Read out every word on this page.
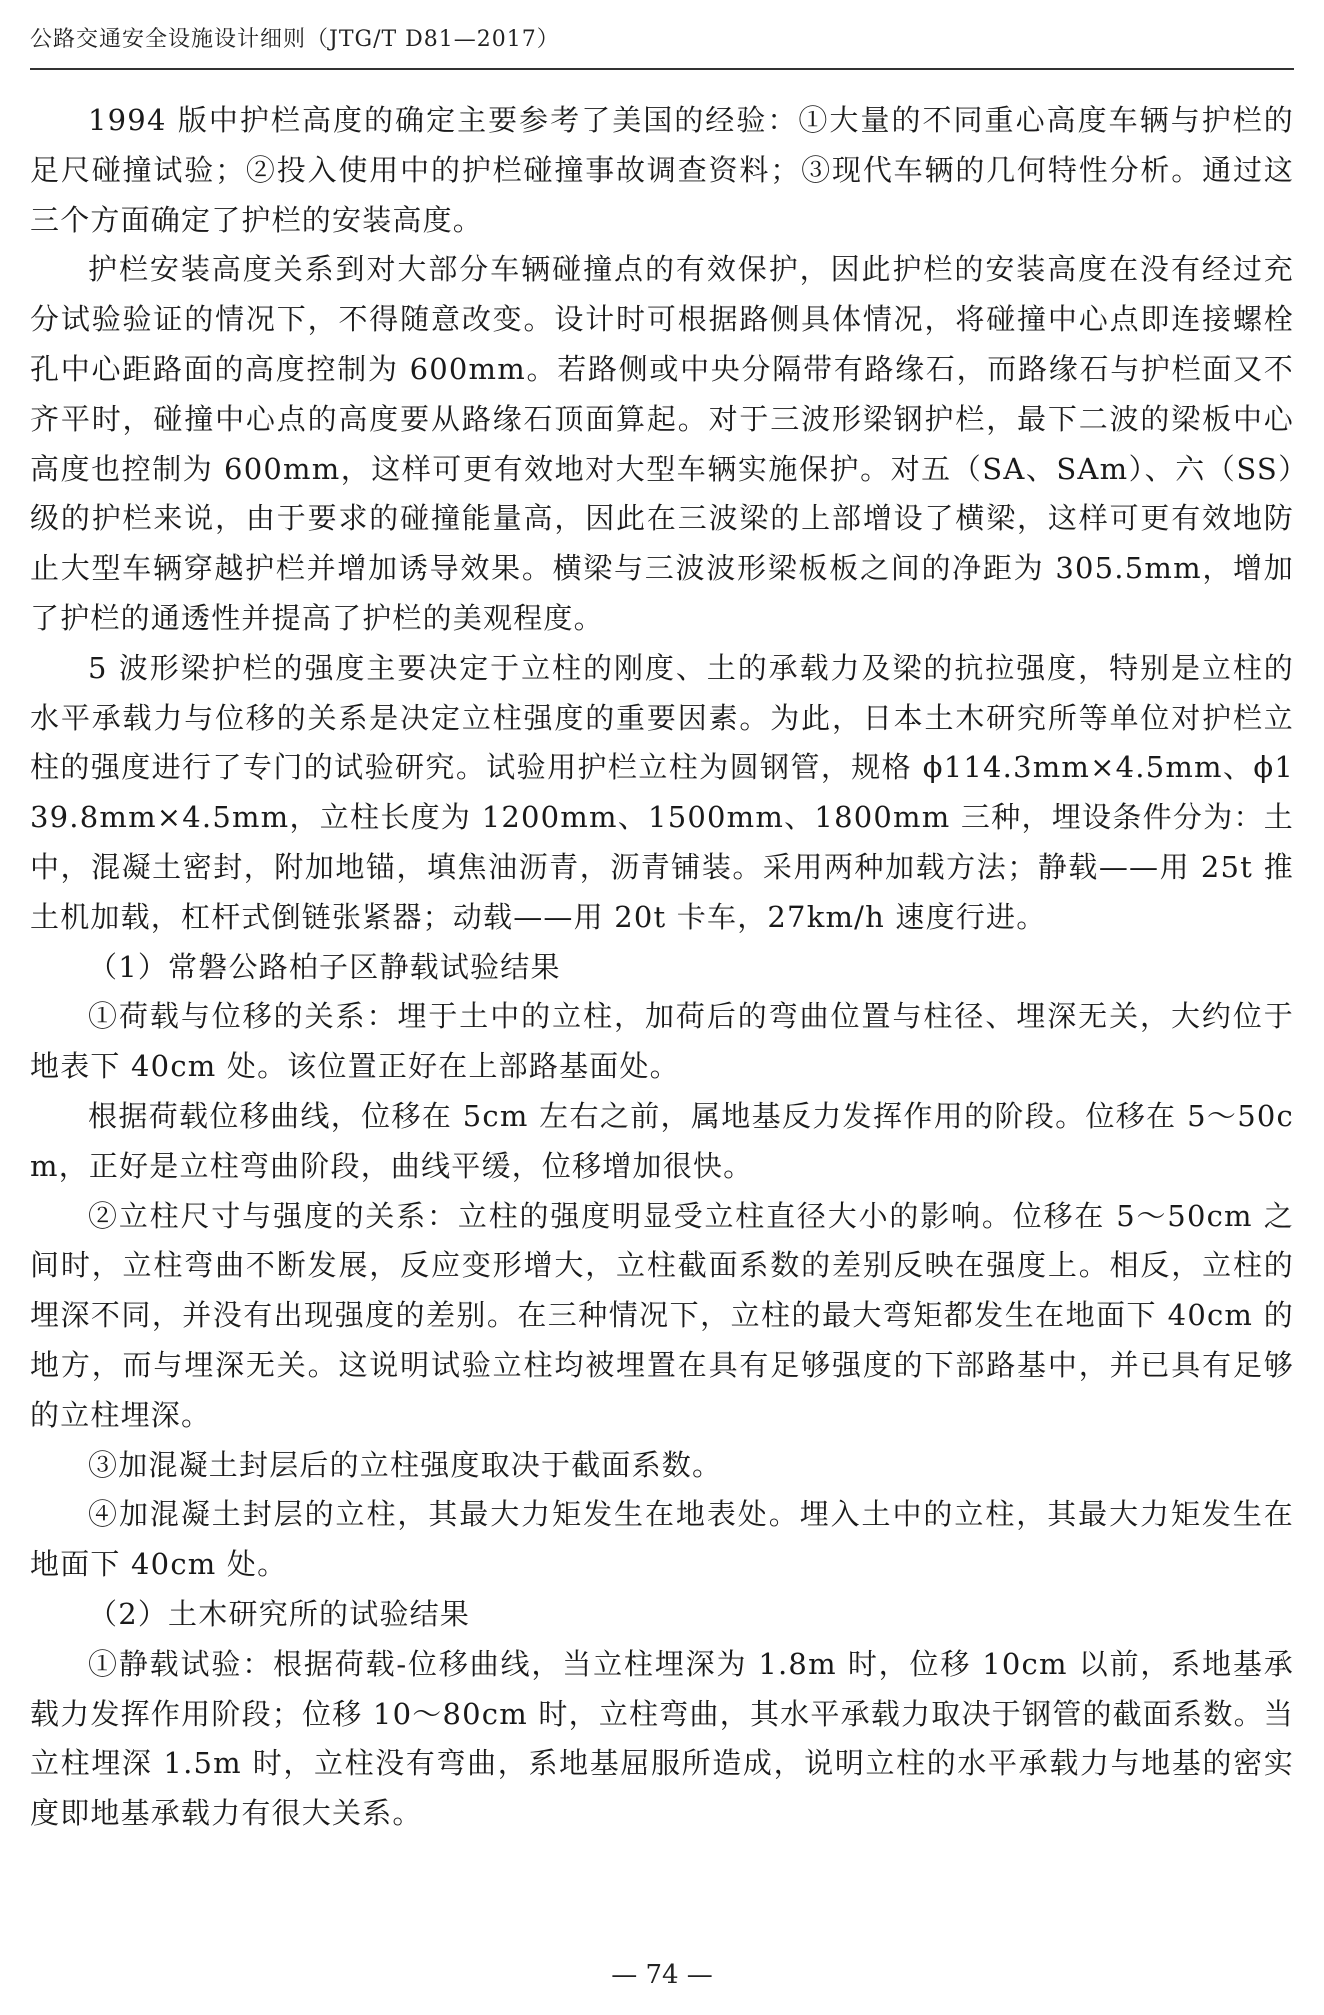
公路交通安全设施设计细则（JTG/T D81—2017）

1994 版中护栏高度的确定主要参考了美国的经验：①大量的不同重心高度车辆与护栏的足尺碰撞试验；②投入使用中的护栏碰撞事故调查资料；③现代车辆的几何特性分析。通过这三个方面确定了护栏的安装高度。

护栏安装高度关系到对大部分车辆碰撞点的有效保护，因此护栏的安装高度在没有经过充分试验验证的情况下，不得随意改变。设计时可根据路侧具体情况，将碰撞中心点即连接螺栓孔中心距路面的高度控制为 600mm。若路侧或中央分隔带有路缘石，而路缘石与护栏面又不齐平时，碰撞中心点的高度要从路缘石顶面算起。对于三波形梁钢护栏，最下二波的梁板中心高度也控制为 600mm，这样可更有效地对大型车辆实施保护。对五（SA、SAm）、六（SS）级的护栏来说，由于要求的碰撞能量高，因此在三波梁的上部增设了横梁，这样可更有效地防止大型车辆穿越护栏并增加诱导效果。横梁与三波波形梁板板之间的净距为 305.5mm，增加了护栏的通透性并提高了护栏的美观程度。

5 波形梁护栏的强度主要决定于立柱的刚度、土的承载力及梁的抗拉强度，特别是立柱的水平承载力与位移的关系是决定立柱强度的重要因素。为此，日本土木研究所等单位对护栏立柱的强度进行了专门的试验研究。试验用护栏立柱为圆钢管，规格 ϕ114.3mm×4.5mm、ϕ139.8mm×4.5mm，立柱长度为 1200mm、1500mm、1800mm 三种，埋设条件分为：土中，混凝土密封，附加地锚，填焦油沥青，沥青铺装。采用两种加载方法；静载——用 25t 推土机加载，杠杆式倒链张紧器；动载——用 20t 卡车，27km/h 速度行进。

（1）常磐公路柏子区静载试验结果

①荷载与位移的关系：埋于土中的立柱，加荷后的弯曲位置与柱径、埋深无关，大约位于地表下 40cm 处。该位置正好在上部路基面处。

根据荷载位移曲线，位移在 5cm 左右之前，属地基反力发挥作用的阶段。位移在 5～50cm，正好是立柱弯曲阶段，曲线平缓，位移增加很快。

②立柱尺寸与强度的关系：立柱的强度明显受立柱直径大小的影响。位移在 5～50cm 之间时，立柱弯曲不断发展，反应变形增大，立柱截面系数的差别反映在强度上。相反，立柱的埋深不同，并没有出现强度的差别。在三种情况下，立柱的最大弯矩都发生在地面下 40cm 的地方，而与埋深无关。这说明试验立柱均被埋置在具有足够强度的下部路基中，并已具有足够的立柱埋深。

③加混凝土封层后的立柱强度取决于截面系数。

④加混凝土封层的立柱，其最大力矩发生在地表处。埋入土中的立柱，其最大力矩发生在地面下 40cm 处。

（2）土木研究所的试验结果

①静载试验：根据荷载-位移曲线，当立柱埋深为 1.8m 时，位移 10cm 以前，系地基承载力发挥作用阶段；位移 10～80cm 时，立柱弯曲，其水平承载力取决于钢管的截面系数。当立柱埋深 1.5m 时，立柱没有弯曲，系地基屈服所造成，说明立柱的水平承载力与地基的密实度即地基承载力有很大关系。

— 74 —
